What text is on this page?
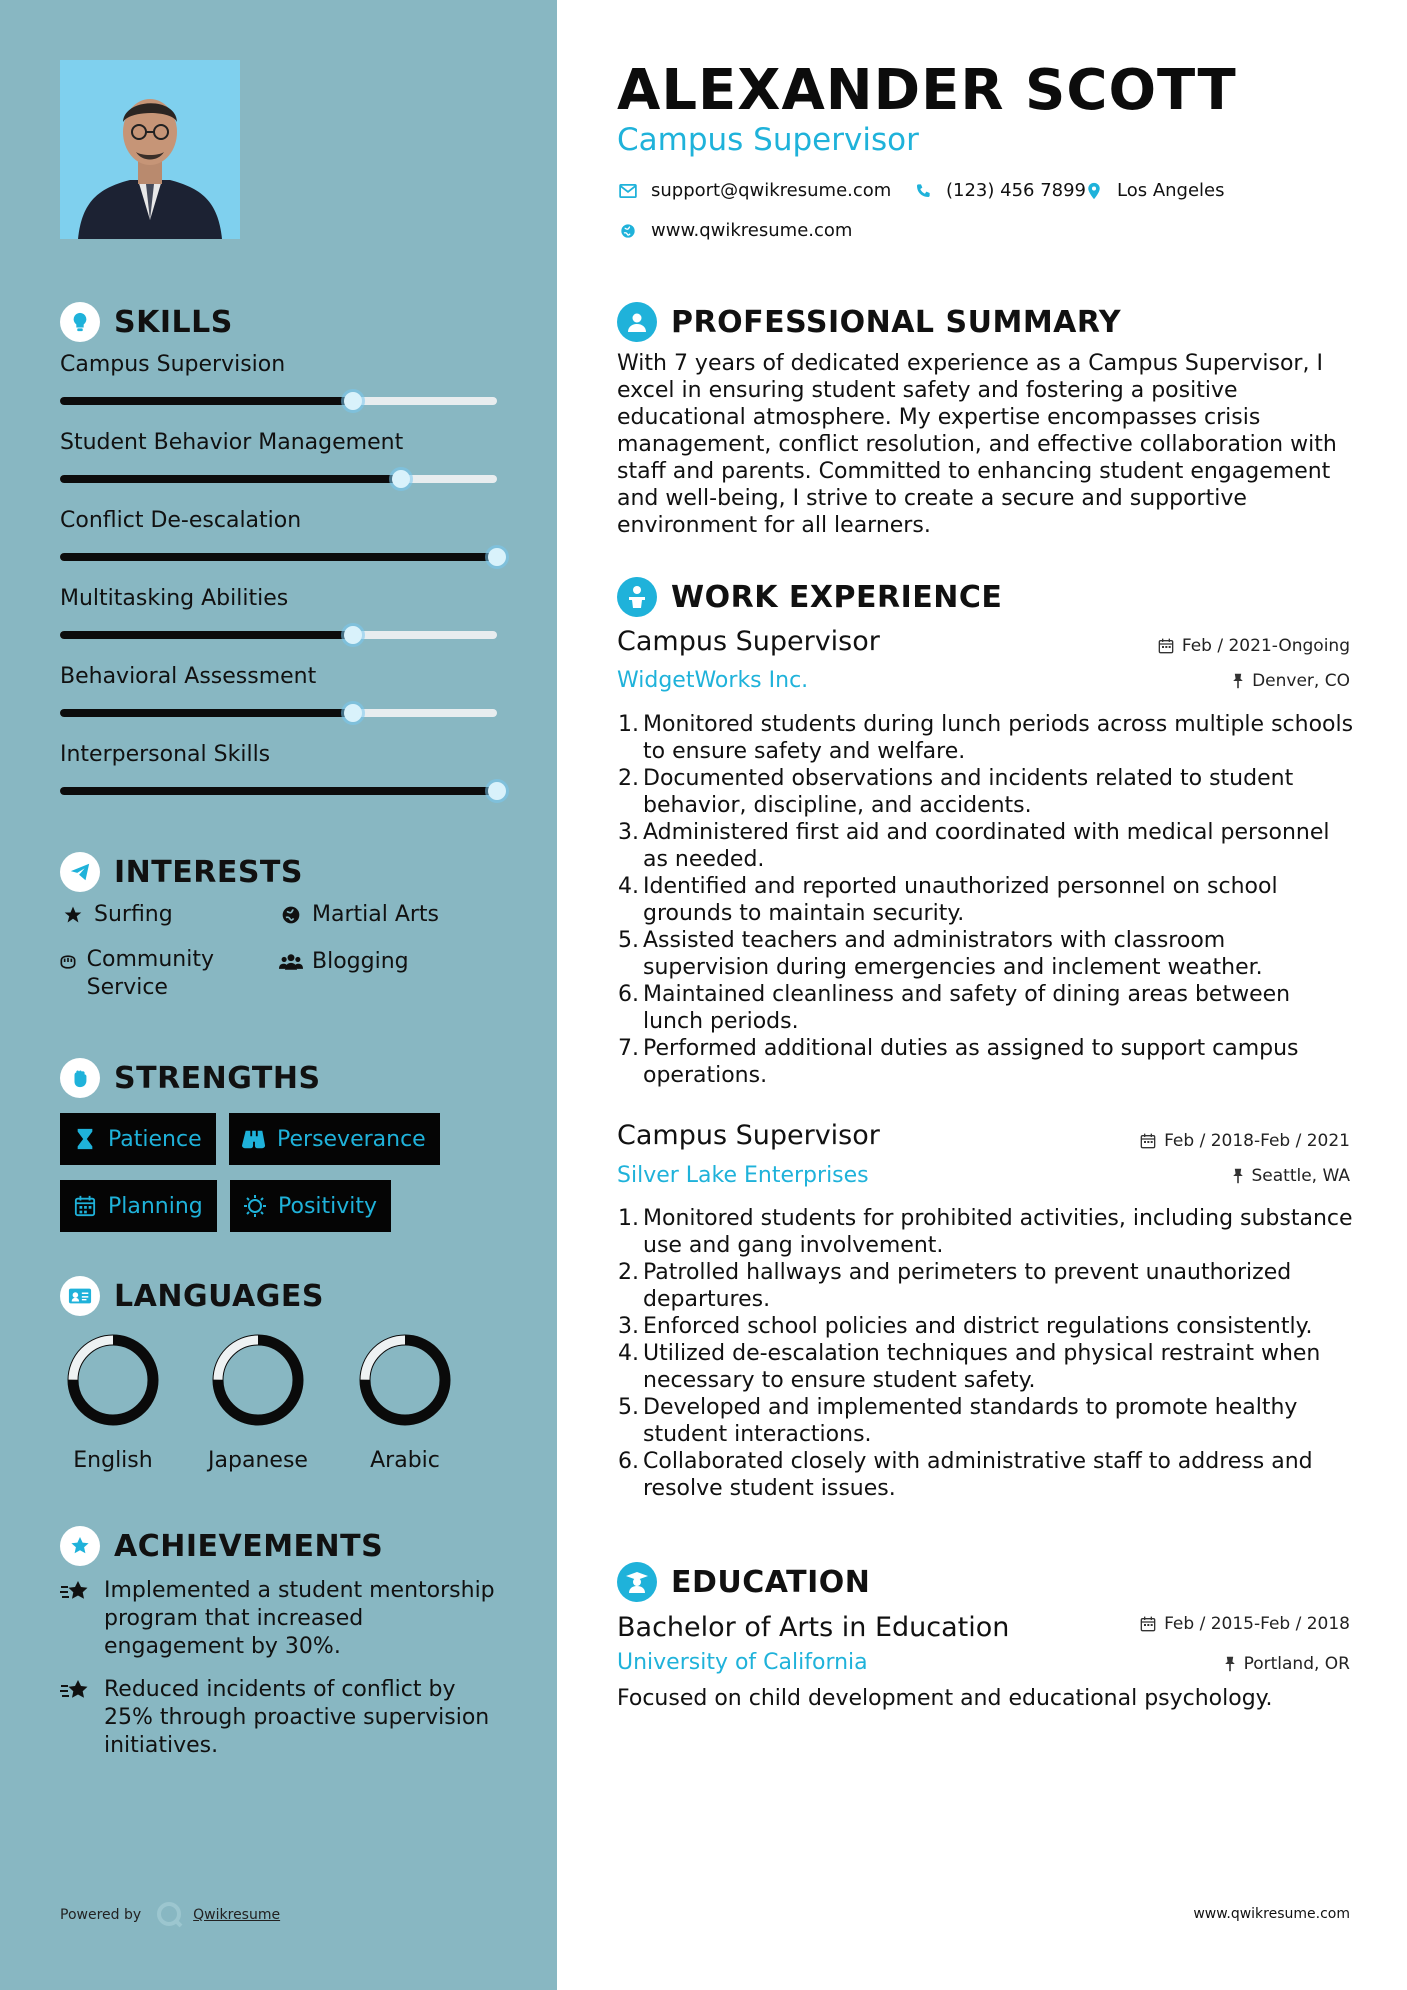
SKILLS
Campus Supervision
Student Behavior Management
Conflict De-escalation
Multitasking Abilities
Behavioral Assessment
Interpersonal Skills
INTERESTS
Surfing	Martial Arts
Community Service
Blogging
STRENGTHS
Patience	Perseverance
Planning	Positivity
LANGUAGES
English	Japanese	Arabic
ACHIEVEMENTS
Implemented a student mentorship program that increased engagement by 30%.
Reduced incidents of conflict by 25% through proactive supervision initiatives.
Powered by	Qwikresume
ALEXANDER SCOTT
Campus Supervisor
support@qwikresume.com	(123) 456 7899 Los Angeles
www.qwikresume.com
PROFESSIONAL SUMMARY

With 7 years of dedicated experience as a Campus Supervisor, I excel in ensuring student safety and fostering a positive educational atmosphere. My expertise encompasses crisis management, conflict resolution, and effective collaboration with staff and parents. Committed to enhancing student engagement and well-being, I strive to create a secure and supportive environment for all learners.

WORK EXPERIENCE
Campus Supervisor	Feb / 2021-Ongoing
WidgetWorks Inc.	Denver, CO
1. Monitored students during lunch periods across multiple schools to ensure safety and welfare.
2. Documented observations and incidents related to student behavior, discipline, and accidents.
3. Administered first aid and coordinated with medical personnel as needed.
4. Identified and reported unauthorized personnel on school grounds to maintain security.
5. Assisted teachers and administrators with classroom supervision during emergencies and inclement weather.
6. Maintained cleanliness and safety of dining areas between lunch periods.
7. Performed additional duties as assigned to support campus operations.
Campus Supervisor	Feb / 2018-Feb / 2021
Silver Lake Enterprises	Seattle, WA
1. Monitored students for prohibited activities, including substance use and gang involvement.
2. Patrolled hallways and perimeters to prevent unauthorized departures.
3. Enforced school policies and district regulations consistently.
4. Utilized de-escalation techniques and physical restraint when necessary to ensure student safety.
5. Developed and implemented standards to promote healthy student interactions.
6. Collaborated closely with administrative staff to address and resolve student issues.
EDUCATION
Bachelor of Arts in Education	Feb / 2015-Feb / 2018
University of California	Portland, OR
Focused on child development and educational psychology.
www.qwikresume.com
